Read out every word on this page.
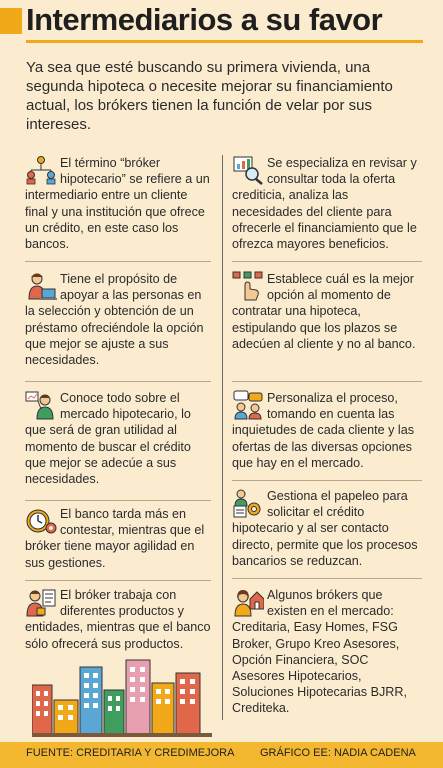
Intermediarios a su favor

Ya sea que esté buscando su primera vivienda, una segunda hipoteca o necesite mejorar su financiamiento actual, los brókers tienen la función de velar por sus intereses.

El término “bróker hipotecario” se refiere a un intermediario entre un cliente final y una institución que ofrece un crédito, en este caso los bancos.

Tiene el propósito de apoyar a las personas en la selección y obtención de un préstamo ofreciéndole la opción que mejor se ajuste a sus necesidades.

Conoce todo sobre el mercado hipotecario, lo que será de gran utilidad al momento de buscar el crédito que mejor se adecúe a sus necesidades.

El banco tarda más en contestar, mientras que el bróker tiene mayor agilidad en sus gestiones.

El bróker trabaja con diferentes productos y entidades, mientras que el banco sólo ofrecerá sus productos.

Se especializa en revisar y consultar toda la oferta crediticia, analiza las necesidades del cliente para ofrecerle el financiamiento que le ofrezca mayores beneficios.

Establece cuál es la mejor opción al momento de contratar una hipoteca, estipulando que los plazos se adecúen al cliente y no al banco.

Personaliza el proceso, tomando en cuenta las inquietudes de cada cliente y las ofertas de las diversas opciones que hay en el mercado.

Gestiona el papeleo para solicitar el crédito hipotecario y al ser contacto directo, permite que los procesos bancarios se reduzcan.

Algunos brókers que existen en el mercado: Creditaria, Easy Homes, FSG Broker, Grupo Kreo Asesores, Opción Financiera, SOC Asesores Hipotecarios, Soluciones Hipotecarias BJRR, Crediteka.

FUENTE: CREDITARIA Y CREDIMEJORA GRÁFICO EE: NADIA CADENA
